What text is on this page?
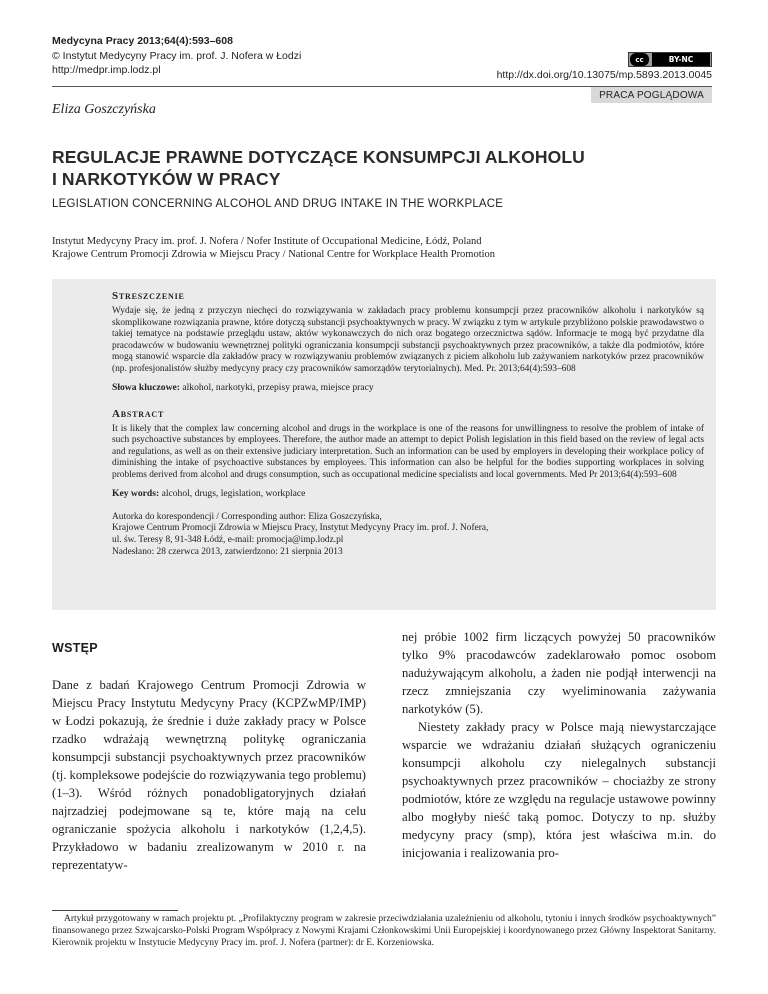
Medycyna Pracy 2013;64(4):593–608
© Instytut Medycyny Pracy im. prof. J. Nofera w Łodzi
http://medpr.imp.lodz.pl
cc	BY-NC
http://dx.doi.org/10.13075/mp.5893.2013.0045
PRACA POGLĄDOWA
Eliza Goszczyńska
REGULACJE PRAWNE DOTYCZĄCE KONSUMPCJI ALKOHOLU
I NARKOTYKÓW W PRACY
LEGISLATION CONCERNING ALCOHOL AND DRUG INTAKE IN THE WORKPLACE
Instytut Medycyny Pracy im. prof. J. Nofera / Nofer Institute of Occupational Medicine, Łódź, Poland
Krajowe Centrum Promocji Zdrowia w Miejscu Pracy / National Centre for Workplace Health Promotion
Streszczenie
Wydaje się, że jedną z przyczyn niechęci do rozwiązywania w zakładach pracy problemu konsumpcji przez pracowników alkoholu i narkotyków są skomplikowane rozwiązania prawne, które dotyczą substancji psychoaktywnych w pracy. W związku z tym w artykule przybliżono polskie prawodawstwo o takiej tematyce na podstawie przeglądu ustaw, aktów wykonawczych do nich oraz bogatego orzecznictwa sądów. Informacje te mogą być przydatne dla pracodawców w budowaniu wewnętrznej polityki ograniczania konsumpcji substancji psychoaktywnych przez pracowników, a także dla podmiotów, które mogą stanowić wsparcie dla zakładów pracy w rozwiązywaniu problemów związanych z piciem alkoholu lub zażywaniem narkotyków przez pracowników (np. profesjonalistów służby medycyny pracy czy pracowników samorządów terytorialnych). Med. Pr. 2013;64(4):593–608
Słowa kluczowe: alkohol, narkotyki, przepisy prawa, miejsce pracy
Abstract
It is likely that the complex law concerning alcohol and drugs in the workplace is one of the reasons for unwillingness to resolve the problem of intake of such psychoactive substances by employees. Therefore, the author made an attempt to depict Polish legislation in this field based on the review of legal acts and regulations, as well as on their extensive judiciary interpretation. Such an information can be used by employers in developing their workplace policy of diminishing the intake of psychoactive substances by employees. This information can also be helpful for the bodies supporting workplaces in solving problems derived from alcohol and drugs consumption, such as occupational medicine specialists and local governments. Med Pr 2013;64(4):593–608
Key words: alcohol, drugs, legislation, workplace
Autorka do korespondencji / Corresponding author: Eliza Goszczyńska,
Krajowe Centrum Promocji Zdrowia w Miejscu Pracy, Instytut Medycyny Pracy im. prof. J. Nofera,
ul. św. Teresy 8, 91-348 Łódź, e-mail: promocja@imp.lodz.pl
Nadesłano: 28 czerwca 2013, zatwierdzono: 21 sierpnia 2013
WSTĘP

Dane z badań Krajowego Centrum Promocji Zdrowia w Miejscu Pracy Instytutu Medycyny Pracy (KCPZwMP/IMP) w Łodzi pokazują, że średnie i duże zakłady pracy w Polsce rzadko wdrażają wewnętrzną politykę ograniczania konsumpcji substancji psychoaktywnych przez pracowników (tj. kompleksowe podejście do rozwiązywania tego problemu) (1–3). Wśród różnych ponadobligatoryjnych działań najrzadziej podejmowane są te, które mają na celu ograniczanie spożycia alkoholu i narkotyków (1,2,4,5). Przykładowo w badaniu zrealizowanym w 2010 r. na reprezentatyw-

nej próbie 1002 firm liczących powyżej 50 pracowników tylko 9% pracodawców zadeklarowało pomoc osobom nadużywającym alkoholu, a żaden nie podjął interwencji na rzecz zmniejszania czy wyeliminowania zażywania narkotyków (5).

Niestety zakłady pracy w Polsce mają niewystarczające wsparcie we wdrażaniu działań służących ograniczeniu konsumpcji alkoholu czy nielegalnych substancji psychoaktywnych przez pracowników – chociażby ze strony podmiotów, które ze względu na regulacje ustawowe powinny albo mogłyby nieść taką pomoc. Dotyczy to np. służby medycyny pracy (smp), która jest właściwa m.in. do inicjowania i realizowania pro-

Artykuł przygotowany w ramach projektu pt. „Profilaktyczny program w zakresie przeciwdziałania uzależnieniu od alkoholu, tytoniu i innych środków psychoaktywnych” finansowanego przez Szwajcarsko-Polski Program Współpracy z Nowymi Krajami Członkowskimi Unii Europejskiej i koordynowanego przez Główny Inspektorat Sanitarny. Kierownik projektu w Instytucie Medycyny Pracy im. prof. J. Nofera (partner): dr E. Korzeniowska.
